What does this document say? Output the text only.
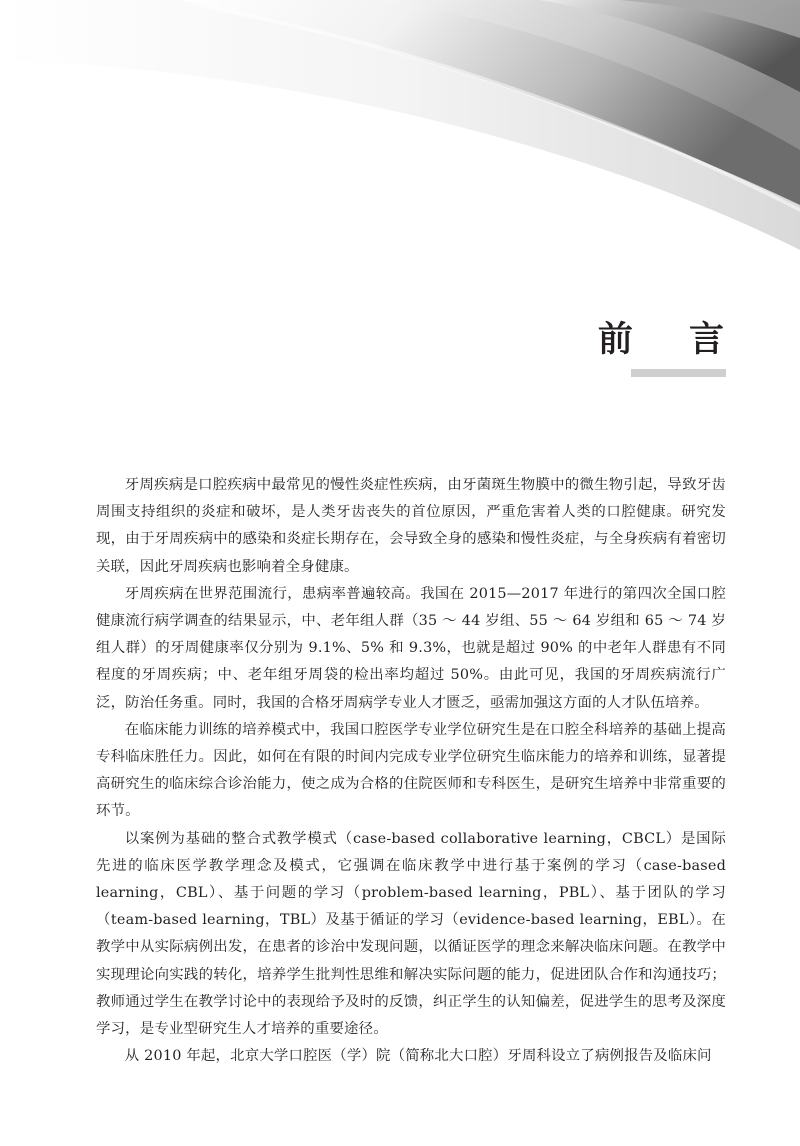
前 言

牙周疾病是口腔疾病中最常见的慢性炎症性疾病，由牙菌斑生物膜中的微生物引起，导致牙齿周围支持组织的炎症和破坏，是人类牙齿丧失的首位原因，严重危害着人类的口腔健康。研究发现，由于牙周疾病中的感染和炎症长期存在，会导致全身的感染和慢性炎症，与全身疾病有着密切关联，因此牙周疾病也影响着全身健康。

牙周疾病在世界范围流行，患病率普遍较高。我国在 2015—2017 年进行的第四次全国口腔健康流行病学调查的结果显示，中、老年组人群（35 ～ 44 岁组、55 ～ 64 岁组和 65 ～ 74 岁组人群）的牙周健康率仅分别为 9.1%、5% 和 9.3%，也就是超过 90% 的中老年人群患有不同程度的牙周疾病；中、老年组牙周袋的检出率均超过 50%。由此可见，我国的牙周疾病流行广泛，防治任务重。同时，我国的合格牙周病学专业人才匮乏，亟需加强这方面的人才队伍培养。

在临床能力训练的培养模式中，我国口腔医学专业学位研究生是在口腔全科培养的基础上提高专科临床胜任力。因此，如何在有限的时间内完成专业学位研究生临床能力的培养和训练，显著提高研究生的临床综合诊治能力，使之成为合格的住院医师和专科医生，是研究生培养中非常重要的环节。

以案例为基础的整合式教学模式（case-based collaborative learning，CBCL）是国际先进的临床医学教学理念及模式，它强调在临床教学中进行基于案例的学习（case-based learning，CBL）、基于问题的学习（problem-based learning，PBL）、基于团队的学习（team-based learning，TBL）及基于循证的学习（evidence-based learning，EBL）。在教学中从实际病例出发，在患者的诊治中发现问题，以循证医学的理念来解决临床问题。在教学中实现理论向实践的转化，培养学生批判性思维和解决实际问题的能力，促进团队合作和沟通技巧；教师通过学生在教学讨论中的表现给予及时的反馈，纠正学生的认知偏差，促进学生的思考及深度学习，是专业型研究生人才培养的重要途径。

从 2010 年起，北京大学口腔医（学）院（简称北大口腔）牙周科设立了病例报告及临床问
